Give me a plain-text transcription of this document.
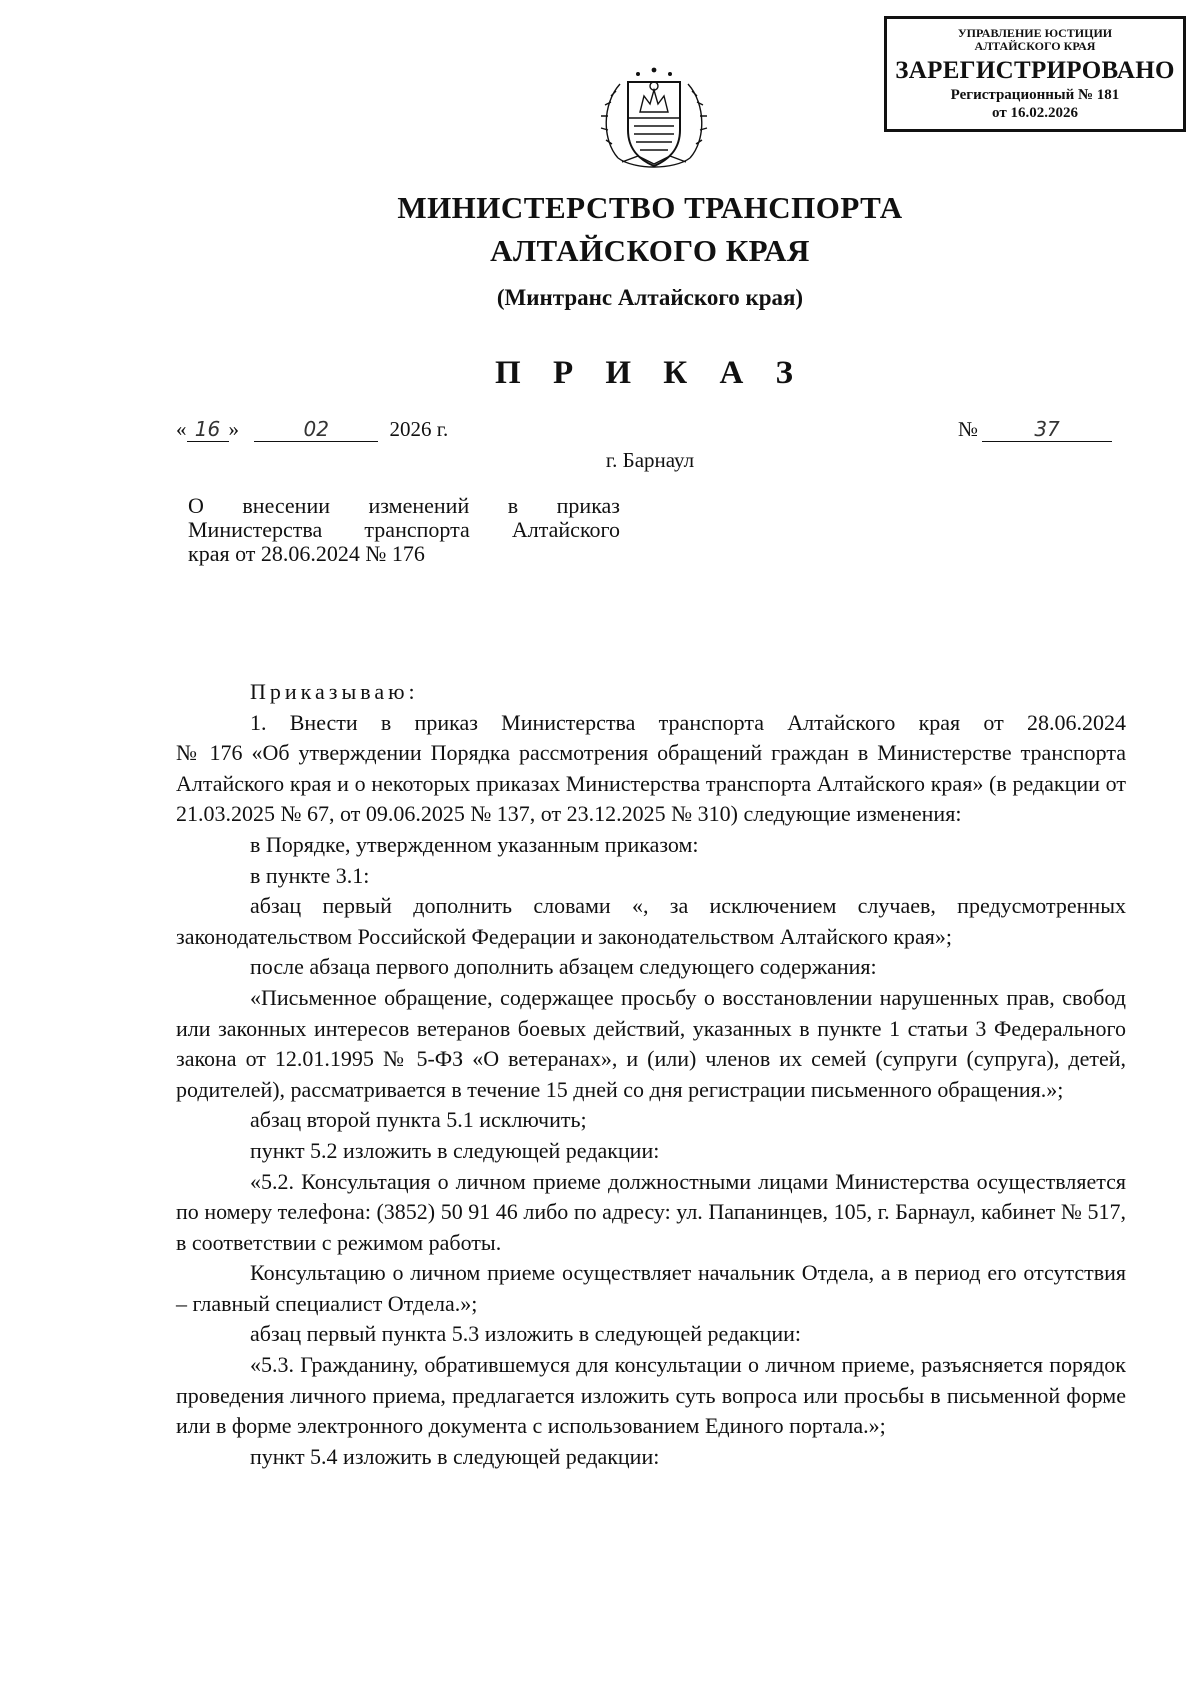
УПРАВЛЕНИЕ ЮСТИЦИИ
АЛТАЙСКОГО КРАЯ
ЗАРЕГИСТРИРОВАНО
Регистрационный № 181
от 16.02.2026
МИНИСТЕРСТВО ТРАНСПОРТА
АЛТАЙСКОГО КРАЯ
(Минтранс Алтайского края)
П Р И К А З
« 16 »	02	2026 г.	№	37
г. Барнаул
О внесении изменений в приказ
Министерства транспорта Алтайского
края от 28.06.2024 № 176

Приказываю:

1. Внести в приказ Министерства транспорта Алтайского края от 28.06.2024

№ 176 «Об утверждении Порядка рассмотрения обращений граждан в Министерстве транспорта Алтайского края и о некоторых приказах Министерства транспорта Алтайского края» (в редакции от 21.03.2025 № 67, от 09.06.2025 № 137, от 23.12.2025 № 310) следующие изменения:

в Порядке, утвержденном указанным приказом:

в пункте 3.1:

абзац первый дополнить словами «, за исключением случаев, предусмотренных законодательством Российской Федерации и законодательством Алтайского края»;

после абзаца первого дополнить абзацем следующего содержания:

«Письменное обращение, содержащее просьбу о восстановлении нарушенных прав, свобод или законных интересов ветеранов боевых действий, указанных в пункте 1 статьи 3 Федерального закона от 12.01.1995 № 5-ФЗ «О ветеранах», и (или) членов их семей (супруги (супруга), детей, родителей), рассматривается в течение 15 дней со дня регистрации письменного обращения.»;

абзац второй пункта 5.1 исключить;

пункт 5.2 изложить в следующей редакции:

«5.2. Консультация о личном приеме должностными лицами Министерства осуществляется по номеру телефона: (3852) 50 91 46 либо по адресу: ул. Папанинцев, 105, г. Барнаул, кабинет № 517, в соответствии с режимом работы.

Консультацию о личном приеме осуществляет начальник Отдела, а в период его отсутствия – главный специалист Отдела.»;

абзац первый пункта 5.3 изложить в следующей редакции:

«5.3. Гражданину, обратившемуся для консультации о личном приеме, разъясняется порядок проведения личного приема, предлагается изложить суть вопроса или просьбы в письменной форме или в форме электронного документа с использованием Единого портала.»;

пункт 5.4 изложить в следующей редакции:
